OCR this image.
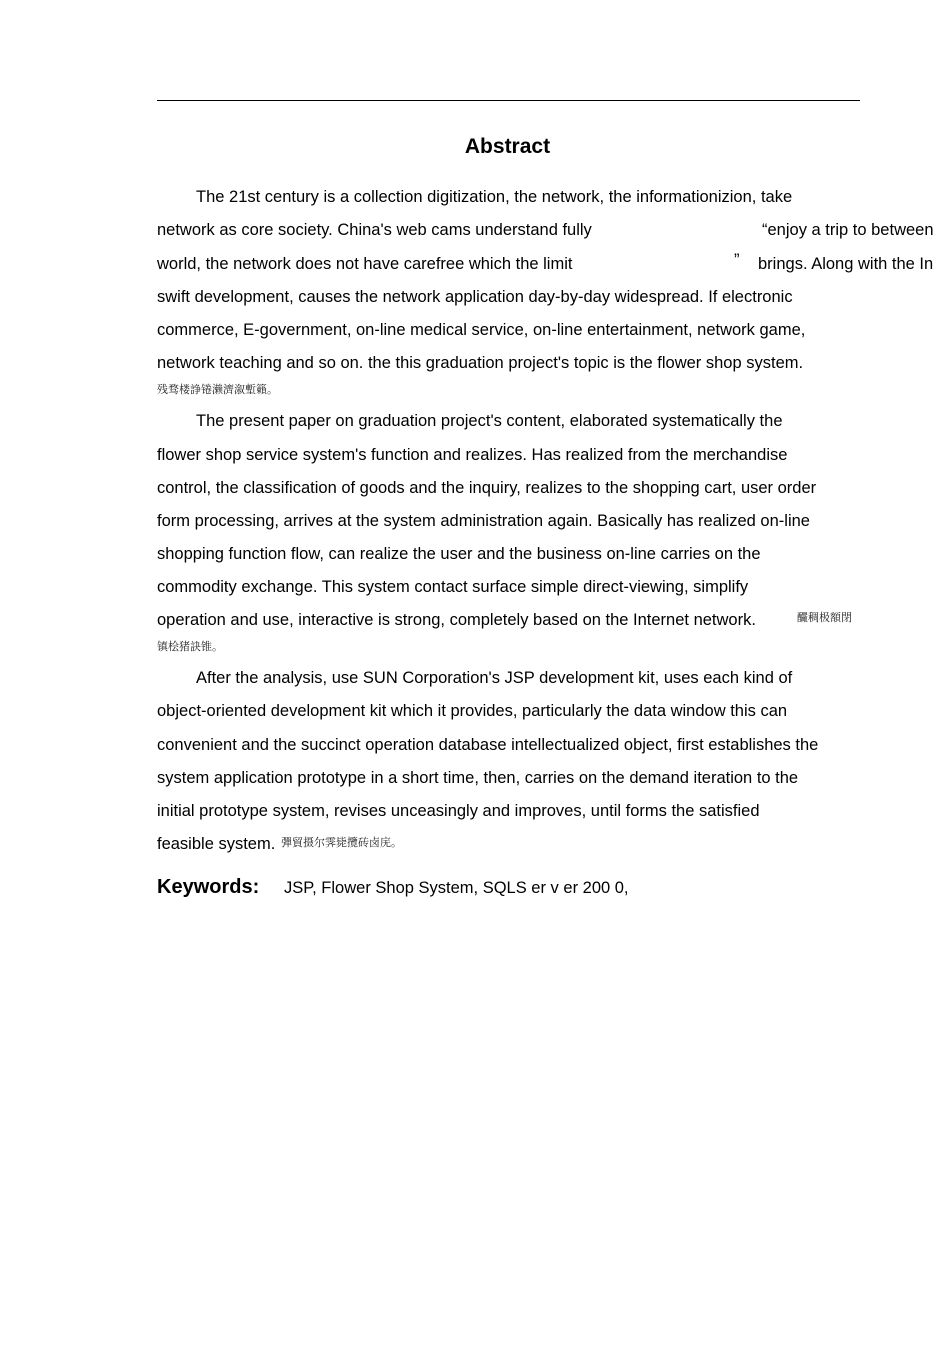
Abstract
The 21st century is a collection digitization, the network, the informationizion, take
network as core society. China's web cams understand fully	“enjoy a trip to between
world, the network does not have carefree which the limit	” brings. Along with the In
swift development, causes the network application day-by-day widespread. If electronic
commerce, E-government, on-line medical service, on-line entertainment, network game,
network teaching and so on. the this graduation project's topic is the flower shop system.
残骛楼諍锩濑濟溆塹籟。
The present paper on graduation project's content, elaborated systematically the
flower shop service system's function and realizes. Has realized from the merchandise
control, the classification of goods and the inquiry, realizes to the shopping cart, user order
form processing, arrives at the system administration again. Basically has realized on-line
shopping function flow, can realize the user and the business on-line carries on the
commodity exchange. This system contact surface simple direct-viewing, simplify
operation and use, interactive is strong, completely based on the Internet network.	釅稠极額閉
镇桧猪訣锥。
After the analysis, use SUN Corporation's JSP development kit, uses each kind of
object-oriented development kit which it provides, particularly the data window this can
convenient and the succinct operation database intellectualized object, first establishes the
system application prototype in a short time, then, carries on the demand iteration to the
initial prototype system, revises unceasingly and improves, until forms the satisfied
feasible system. 彈貿摄尔霁毙攬砖卤庑。
Keywords: JSP, Flower Shop System, SQLS er v er 200 0,
